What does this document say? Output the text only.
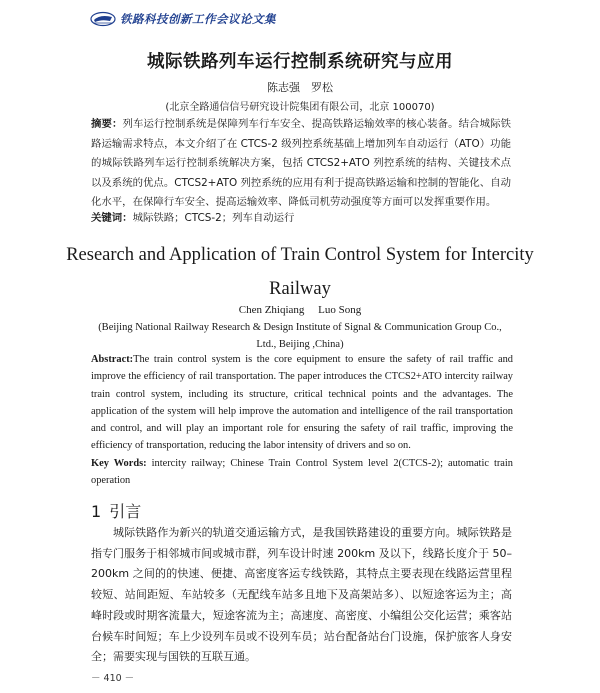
铁路科技创新工作会议论文集
城际铁路列车运行控制系统研究与应用
陈志强　罗松
(北京全路通信信号研究设计院集团有限公司，北京 100070)
摘要：列车运行控制系统是保障列车行车安全、提高铁路运输效率的核心装备。结合城际铁路运输需求特点，本文介绍了在 CTCS-2 级列控系统基础上增加列车自动运行（ATO）功能的城际铁路列车运行控制系统解决方案，包括 CTCS2+ATO 列控系统的结构、关键技术点以及系统的优点。CTCS2+ATO 列控系统的应用有利于提高铁路运输和控制的智能化、自动化水平，在保障行车安全、提高运输效率、降低司机劳动强度等方面可以发挥重要作用。
关键词：城际铁路；CTCS-2；列车自动运行
Research and Application of Train Control System for Intercity Railway
Chen Zhiqiang　 Luo Song
(Beijing National Railway Research & Design Institute of Signal & Communication Group Co., Ltd., Beijing ,China)
Abstract:The train control system is the core equipment to ensure the safety of rail traffic and improve the efficiency of rail transportation. The paper introduces the CTCS2+ATO intercity railway train control system, including its structure, critical technical points and the advantages. The application of the system will help improve the automation and intelligence of the rail transportation and control, and will play an important role for ensuring the safety of rail traffic, improving the efficiency of transportation, reducing the labor intensity of drivers and so on.
Key Words: intercity railway; Chinese Train Control System level 2(CTCS-2); automatic train operation
1 引言
城际铁路作为新兴的轨道交通运输方式，是我国铁路建设的重要方向。城际铁路是指专门服务于相邻城市间或城市群，列车设计时速 200km 及以下，线路长度介于 50–200km 之间的的快速、便捷、高密度客运专线铁路，其特点主要表现在线路运营里程较短、站间距短、车站较多（无配线车站多且地下及高架站多）、以短途客运为主；高峰时段或时期客流量大，短途客流为主；高速度、高密度、小编组公交化运营；乘客站台候车时间短；车上少设列车员或不设列车员；站台配备站台门设施，保护旅客人身安全；需要实现与国铁的互联互通。
－ 410 －
